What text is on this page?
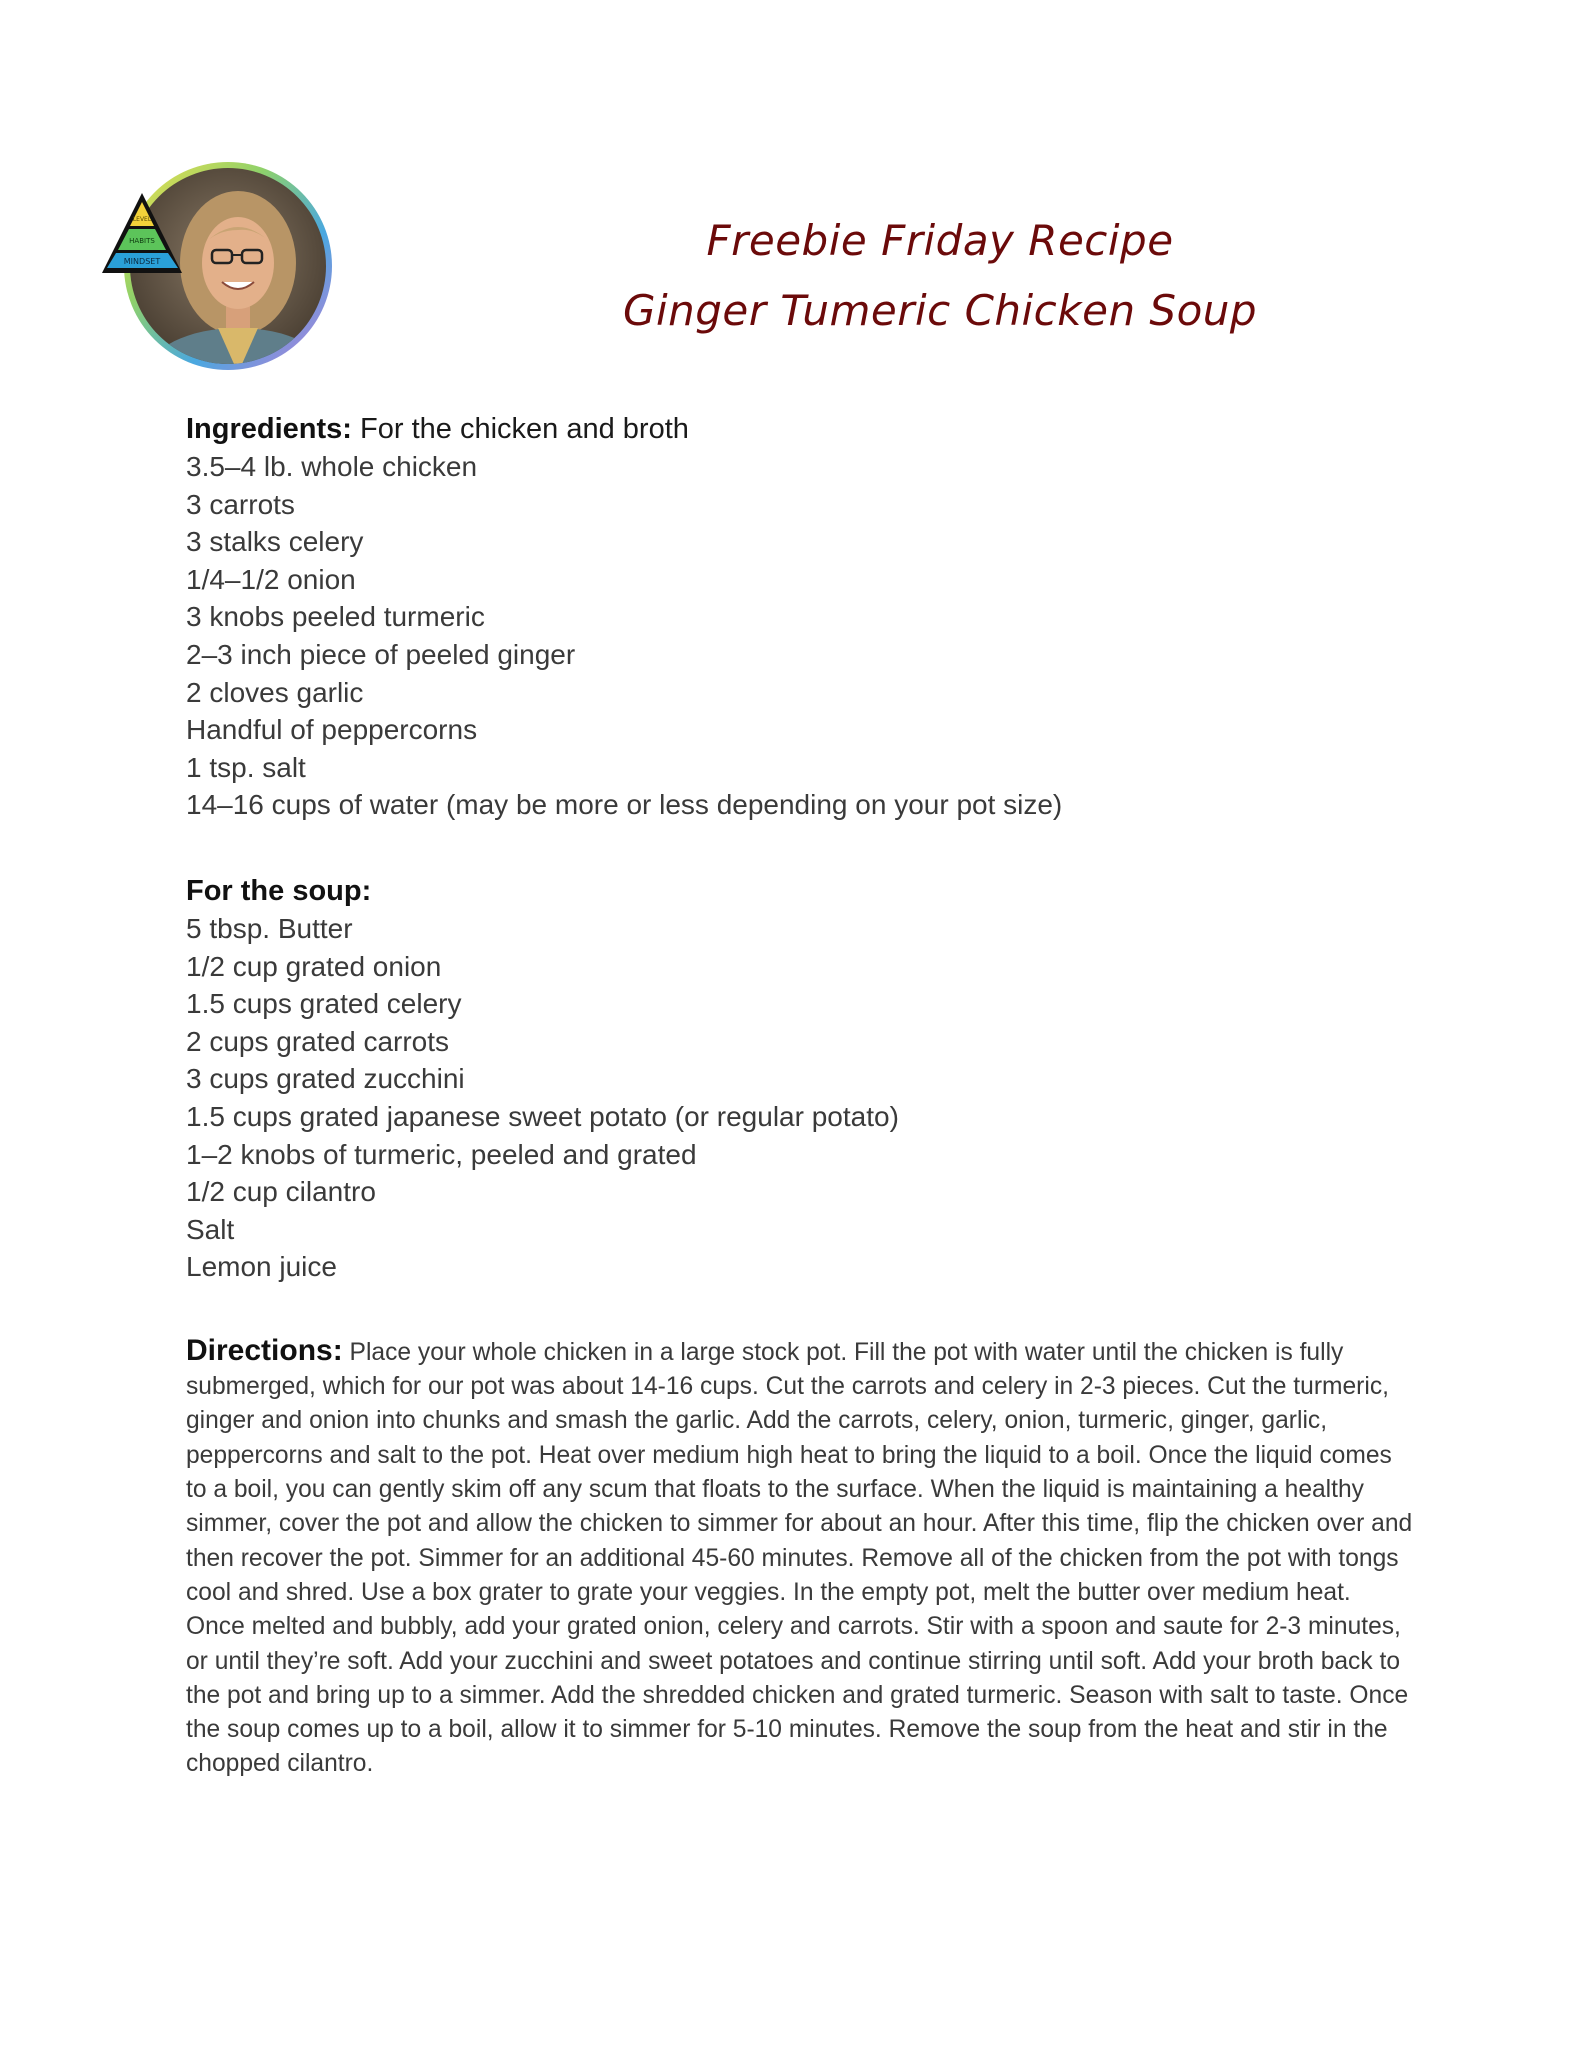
LEVEL
HABITS
MINDSET	Freebie Friday Recipe
Ginger Tumeric Chicken Soup
Ingredients: For the chicken and broth
3.5–4 lb. whole chicken
3 carrots
3 stalks celery
1/4–1/2 onion
3 knobs peeled turmeric
2–3 inch piece of peeled ginger
2 cloves garlic
Handful of peppercorns
1 tsp. salt
14–16 cups of water (may be more or less depending on your pot size)
For the soup:
5 tbsp. Butter
1/2 cup grated onion
1.5 cups grated celery
2 cups grated carrots
3 cups grated zucchini
1.5 cups grated japanese sweet potato (or regular potato)
1–2 knobs of turmeric, peeled and grated
1/2 cup cilantro
Salt
Lemon juice

Directions: Place your whole chicken in a large stock pot. Fill the pot with water until the chicken is fully submerged, which for our pot was about 14-16 cups. Cut the carrots and celery in 2-3 pieces. Cut the turmeric, ginger and onion into chunks and smash the garlic. Add the carrots, celery, onion, turmeric, ginger, garlic, peppercorns and salt to the pot. Heat over medium high heat to bring the liquid to a boil. Once the liquid comes to a boil, you can gently skim off any scum that floats to the surface. When the liquid is maintaining a healthy simmer, cover the pot and allow the chicken to simmer for about an hour. After this time, flip the chicken over and then recover the pot. Simmer for an additional 45-60 minutes. Remove all of the chicken from the pot with tongs cool and shred. Use a box grater to grate your veggies. In the empty pot, melt the butter over medium heat. Once melted and bubbly, add your grated onion, celery and carrots. Stir with a spoon and saute for 2-3 minutes, or until they’re soft. Add your zucchini and sweet potatoes and continue stirring until soft. Add your broth back to the pot and bring up to a simmer. Add the shredded chicken and grated turmeric. Season with salt to taste. Once the soup comes up to a boil, allow it to simmer for 5-10 minutes. Remove the soup from the heat and stir in the chopped cilantro.
